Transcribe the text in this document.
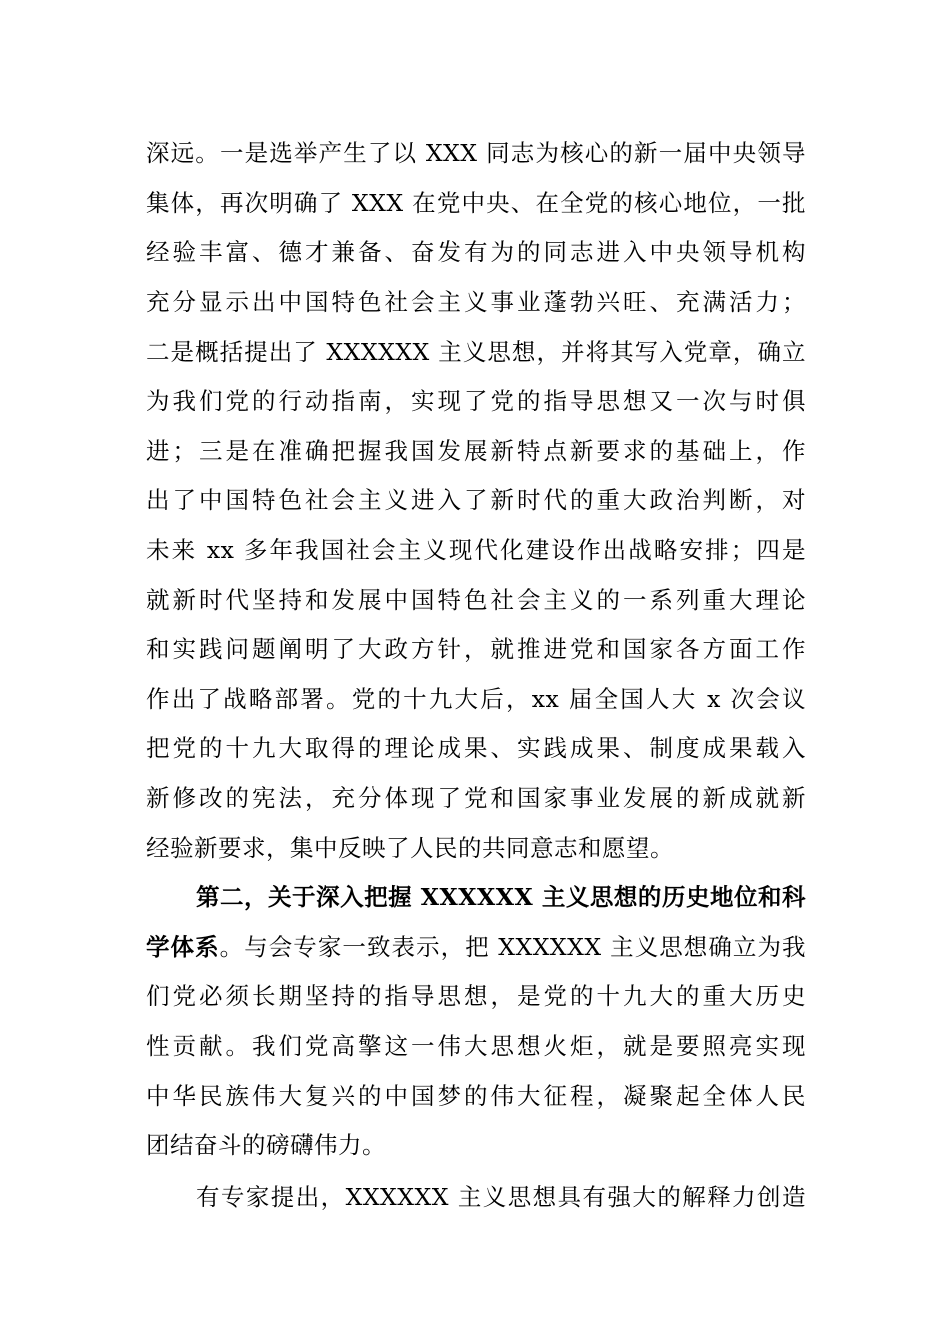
深远。一是选举产生了以 XXX 同志为核心的新一届中央领导
集体，再次明确了 XXX 在党中央、在全党的核心地位，一批
经验丰富、德才兼备、奋发有为的同志进入中央领导机构
充分显示出中国特色社会主义事业蓬勃兴旺、充满活力；
二是概括提出了 XXXXXX 主义思想，并将其写入党章，确立
为我们党的行动指南，实现了党的指导思想又一次与时俱
进；三是在准确把握我国发展新特点新要求的基础上，作
出了中国特色社会主义进入了新时代的重大政治判断，对
未来 xx 多年我国社会主义现代化建设作出战略安排；四是
就新时代坚持和发展中国特色社会主义的一系列重大理论
和实践问题阐明了大政方针，就推进党和国家各方面工作
作出了战略部署。党的十九大后，xx 届全国人大 x 次会议
把党的十九大取得的理论成果、实践成果、制度成果载入
新修改的宪法，充分体现了党和国家事业发展的新成就新
经验新要求，集中反映了人民的共同意志和愿望。
第二，关于深入把握 XXXXXX 主义思想的历史地位和科
学体系。与会专家一致表示，把 XXXXXX 主义思想确立为我
们党必须长期坚持的指导思想，是党的十九大的重大历史
性贡献。我们党高擎这一伟大思想火炬，就是要照亮实现
中华民族伟大复兴的中国梦的伟大征程，凝聚起全体人民
团结奋斗的磅礴伟力。
有专家提出，XXXXXX 主义思想具有强大的解释力创造
